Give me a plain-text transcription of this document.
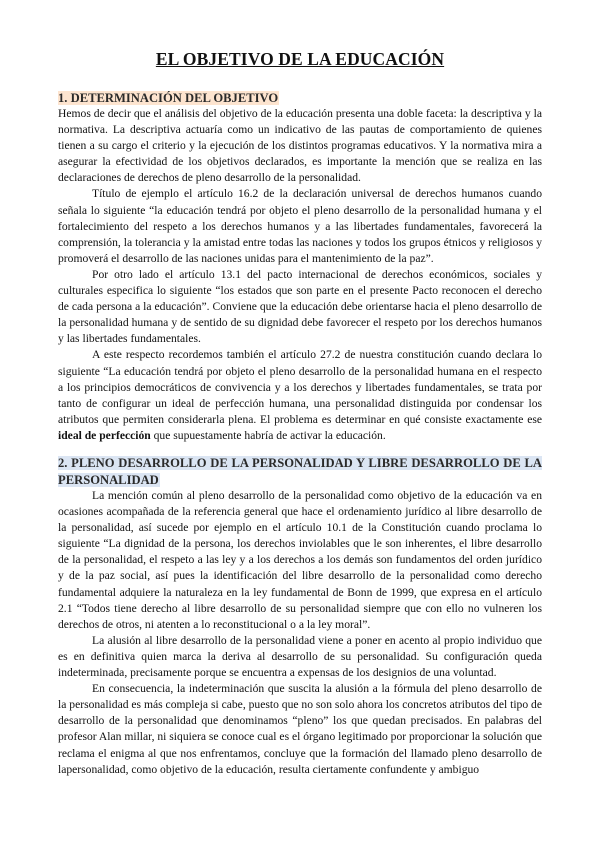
EL OBJETIVO DE LA EDUCACIÓN
1. DETERMINACIÓN DEL OBJETIVO

Hemos de decir que el análisis del objetivo de la educación presenta una doble faceta: la descriptiva y la normativa. La descriptiva actuaría como un indicativo de las pautas de comportamiento de quienes tienen a su cargo el criterio y la ejecución de los distintos programas educativos. Y la normativa mira a asegurar la efectividad de los objetivos declarados, es importante la mención que se realiza en las declaraciones de derechos de pleno desarrollo de la personalidad.

Título de ejemplo el artículo 16.2 de la declaración universal de derechos humanos cuando señala lo siguiente “la educación tendrá por objeto el pleno desarrollo de la personalidad humana y el fortalecimiento del respeto a los derechos humanos y a las libertades fundamentales, favorecerá la comprensión, la tolerancia y la amistad entre todas las naciones y todos los grupos étnicos y religiosos y promoverá el desarrollo de las naciones unidas para el mantenimiento de la paz”.

Por otro lado el artículo 13.1 del pacto internacional de derechos económicos, sociales y culturales especifica lo siguiente “los estados que son parte en el presente Pacto reconocen el derecho de cada persona a la educación”. Conviene que la educación debe orientarse hacia el pleno desarrollo de la personalidad humana y de sentido de su dignidad debe favorecer el respeto por los derechos humanos y las libertades fundamentales.

A este respecto recordemos también el artículo 27.2 de nuestra constitución cuando declara lo siguiente “La educación tendrá por objeto el pleno desarrollo de la personalidad humana en el respecto a los principios democráticos de convivencia y a los derechos y libertades fundamentales, se trata por tanto de configurar un ideal de perfección humana, una personalidad distinguida por condensar los atributos que permiten considerarla plena. El problema es determinar en qué consiste exactamente ese ideal de perfección que supuestamente habría de activar la educación.

2. PLENO DESARROLLO DE LA PERSONALIDAD Y LIBRE DESARROLLO DE LA PERSONALIDAD

La mención común al pleno desarrollo de la personalidad como objetivo de la educación va en ocasiones acompañada de la referencia general que hace el ordenamiento jurídico al libre desarrollo de la personalidad, así sucede por ejemplo en el artículo 10.1 de la Constitución cuando proclama lo siguiente “La dignidad de la persona, los derechos inviolables que le son inherentes, el libre desarrollo de la personalidad, el respeto a las ley y a los derechos a los demás son fundamentos del orden jurídico y de la paz social, así pues la identificación del libre desarrollo de la personalidad como derecho fundamental adquiere la naturaleza en la ley fundamental de Bonn de 1999, que expresa en el artículo 2.1 “Todos tiene derecho al libre desarrollo de su personalidad siempre que con ello no vulneren los derechos de otros, ni atenten a lo reconstitucional o a la ley moral”.

La alusión al libre desarrollo de la personalidad viene a poner en acento al propio individuo que es en definitiva quien marca la deriva al desarrollo de su personalidad. Su configuración queda indeterminada, precisamente porque se encuentra a expensas de los designios de una voluntad.

En consecuencia, la indeterminación que suscita la alusión a la fórmula del pleno desarrollo de la personalidad es más compleja si cabe, puesto que no son solo ahora los concretos atributos del tipo de desarrollo de la personalidad que denominamos “pleno” los que quedan precisados. En palabras del profesor Alan millar, ni siquiera se conoce cual es el órgano legitimado por proporcionar la solución que reclama el enigma al que nos enfrentamos, concluye que la formación del llamado pleno desarrollo de lapersonalidad, como objetivo de la educación, resulta ciertamente confundente y ambiguo
